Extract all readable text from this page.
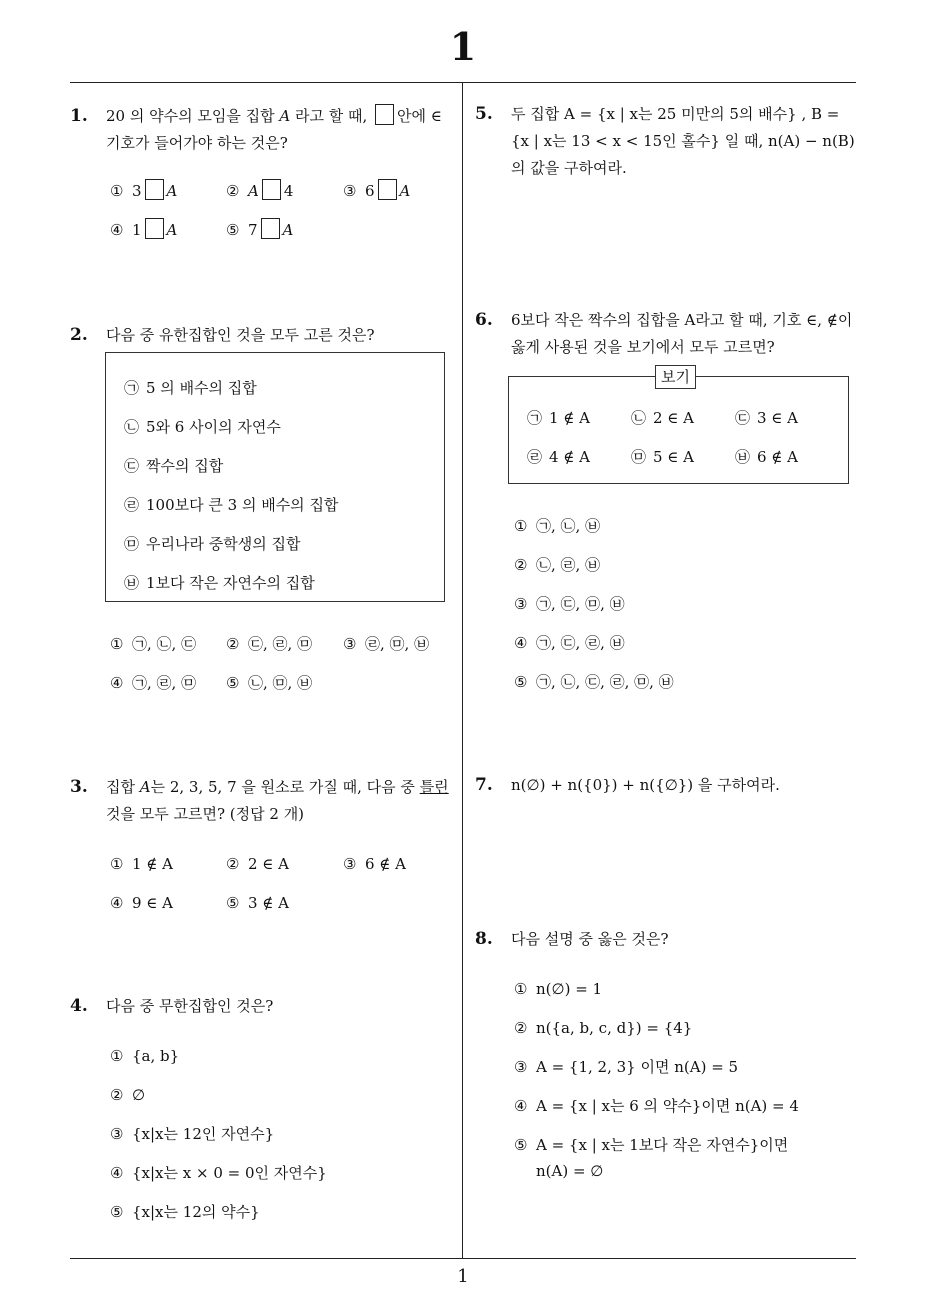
1
1
1. 20 의 약수의 모임을 집합 A 라고 할 때, 안에 ∈
기호가 들어가야 하는 것은?
① 3 A	② A 4	③ 6 A
④ 1 A	⑤ 7 A
2. 다음 중 유한집합인 것을 모두 고른 것은?
㉠ 5 의 배수의 집합
㉡ 5와 6 사이의 자연수
㉢ 짝수의 집합
㉣ 100보다 큰 3 의 배수의 집합
㉤ 우리나라 중학생의 집합
㉥ 1보다 작은 자연수의 집합
① ㉠, ㉡, ㉢ ② ㉢, ㉣, ㉤ ③ ㉣, ㉤, ㉥
④ ㉠, ㉣, ㉤ ⑤ ㉡, ㉤, ㉥
3. 집합 A는 2, 3, 5, 7 을 원소로 가질 때, 다음 중 틀린
것을 모두 고르면? (정답 2 개)
① 1 ∉ A	② 2 ∈ A	③ 6 ∉ A
④ 9 ∈ A	⑤ 3 ∉ A
4. 다음 중 무한집합인 것은?
① {a, b}
② ∅
③ {x|x는 12인 자연수}
④ {x|x는 x × 0 = 0인 자연수}
⑤ {x|x는 12의 약수}
5. 두 집합 A = {x | x는 25 미만의 5의 배수} , B =
{x | x는 13 < x < 15인 홀수} 일 때, n(A) − n(B)
의 값을 구하여라.
6. 6보다 작은 짝수의 집합을 A라고 할 때, 기호 ∈, ∉이
옳게 사용된 것을 보기에서 모두 고르면?
보기
㉠ 1 ∉ A	㉡ 2 ∈ A	㉢ 3 ∈ A
㉣ 4 ∉ A	㉤ 5 ∈ A	㉥ 6 ∉ A
① ㉠, ㉡, ㉥
② ㉡, ㉣, ㉥
③ ㉠, ㉢, ㉤, ㉥
④ ㉠, ㉢, ㉣, ㉥
⑤ ㉠, ㉡, ㉢, ㉣, ㉤, ㉥
7. n(∅) + n({0}) + n({∅}) 을 구하여라.
8. 다음 설명 중 옳은 것은?
① n(∅) = 1
② n({a, b, c, d}) = {4}
③ A = {1, 2, 3} 이면 n(A) = 5
④ A = {x | x는 6 의 약수}이면 n(A) = 4
⑤ A = {x | x는 1보다 작은 자연수}이면
n(A) = ∅
